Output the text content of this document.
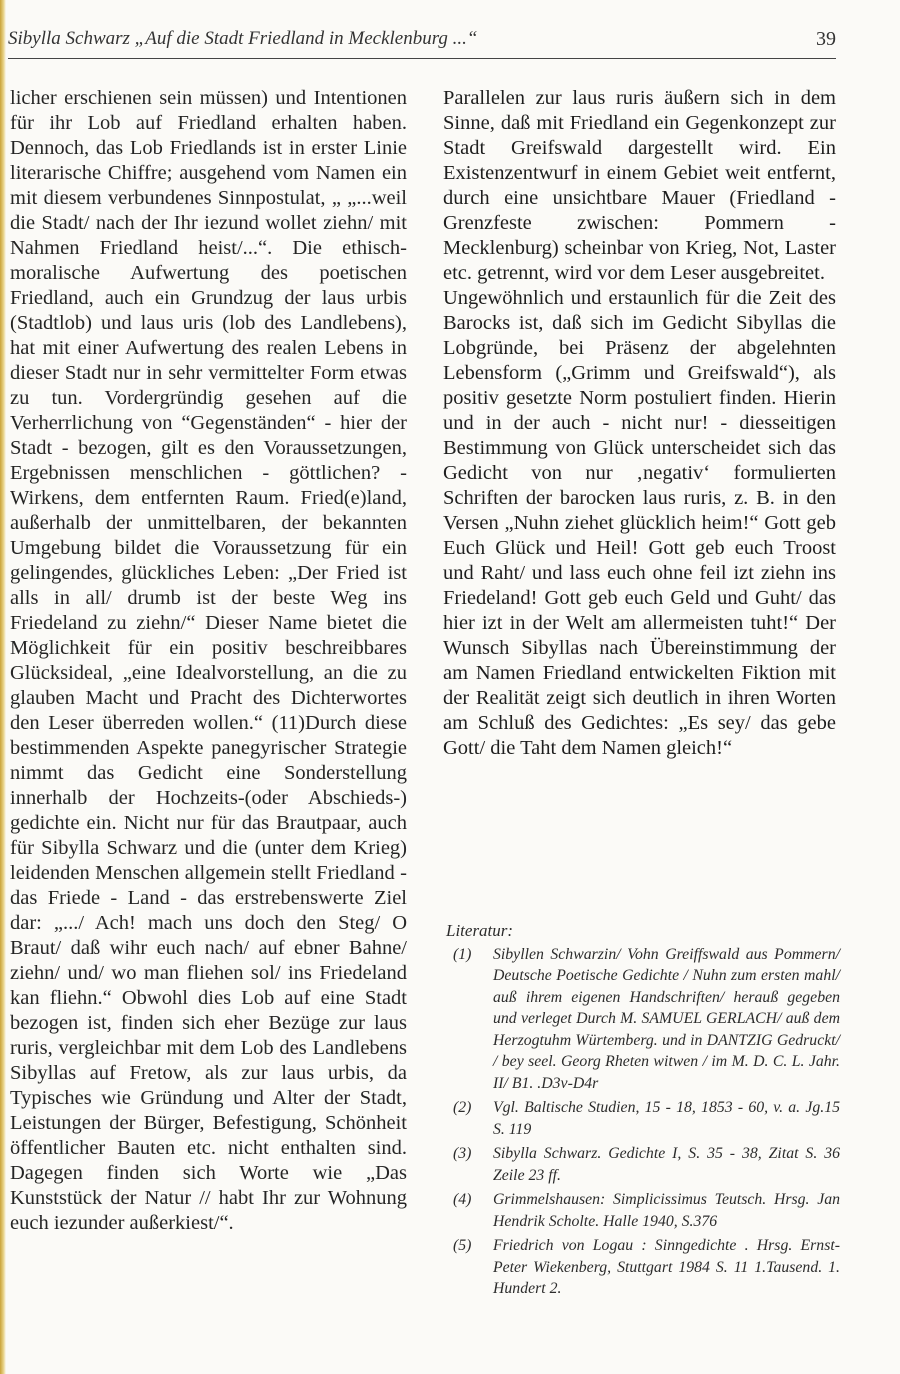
Sibylla Schwarz „Auf die Stadt Friedland in Mecklenburg ...“	39

licher erschienen sein müssen) und Intentionen für ihr Lob auf Friedland erhalten haben. Dennoch, das Lob Friedlands ist in erster Linie literarische Chiffre; ausgehend vom Namen ein mit diesem verbundenes Sinnpostulat, „ „...weil die Stadt/ nach der Ihr iezund wollet ziehn/ mit Nahmen Friedland heist/...“. Die ethisch-moralische Aufwertung des poetischen Friedland, auch ein Grundzug der laus urbis (Stadtlob) und laus uris (lob des Landlebens), hat mit einer Aufwertung des realen Lebens in dieser Stadt nur in sehr vermittelter Form etwas zu tun. Vordergründig gesehen auf die Verherrlichung von “Gegenständen“ - hier der Stadt - bezogen, gilt es den Voraussetzungen, Ergebnissen menschlichen - göttlichen? - Wirkens, dem entfernten Raum. Fried(e)land, außerhalb der unmittelbaren, der bekannten Umgebung bildet die Voraussetzung für ein gelingendes, glückliches Leben: „Der Fried ist alls in all/ drumb ist der beste Weg ins Friedeland zu ziehn/“ Dieser Name bietet die Möglichkeit für ein positiv beschreibbares Glücksideal, „eine Idealvorstellung, an die zu glauben Macht und Pracht des Dichterwortes den Leser überreden wollen.“ (11)Durch diese bestimmenden Aspekte panegyrischer Strategie nimmt das Gedicht eine Sonderstellung innerhalb der Hochzeits-(oder Abschieds-) gedichte ein. Nicht nur für das Brautpaar, auch für Sibylla Schwarz und die (unter dem Krieg) leidenden Menschen allgemein stellt Friedland - das Friede - Land - das erstrebenswerte Ziel dar: „.../ Ach! mach uns doch den Steg/ O Braut/ daß wihr euch nach/ auf ebner Bahne/ ziehn/ und/ wo man fliehen sol/ ins Friedeland kan fliehn.“ Obwohl dies Lob auf eine Stadt bezogen ist, finden sich eher Bezüge zur laus ruris, vergleichbar mit dem Lob des Landlebens Sibyllas auf Fretow, als zur laus urbis, da Typisches wie Gründung und Alter der Stadt, Leistungen der Bürger, Befestigung, Schönheit öffentlicher Bauten etc. nicht enthalten sind. Dagegen finden sich Worte wie „Das Kunststück der Natur // habt Ihr zur Wohnung euch iezunder außerkiest/“.

Parallelen zur laus ruris äußern sich in dem Sinne, daß mit Friedland ein Gegenkonzept zur Stadt Greifswald dargestellt wird. Ein Existenzentwurf in einem Gebiet weit entfernt, durch eine unsichtbare Mauer (Friedland - Grenzfeste zwischen: Pommern - Mecklenburg) scheinbar von Krieg, Not, Laster etc. getrennt, wird vor dem Leser ausgebreitet.

Ungewöhnlich und erstaunlich für die Zeit des Barocks ist, daß sich im Gedicht Sibyllas die Lobgründe, bei Präsenz der abgelehnten Lebensform („Grimm und Greifswald“), als positiv gesetzte Norm postuliert finden. Hierin und in der auch - nicht nur! - diesseitigen Bestimmung von Glück unterscheidet sich das Gedicht von nur ‚negativ‘ formulierten Schriften der barocken laus ruris, z. B. in den Versen „Nuhn ziehet glücklich heim!“ Gott geb Euch Glück und Heil! Gott geb euch Troost und Raht/ und lass euch ohne feil izt ziehn ins Friedeland! Gott geb euch Geld und Guht/ das hier izt in der Welt am allermeisten tuht!“ Der Wunsch Sibyllas nach Übereinstimmung der am Namen Friedland entwickelten Fiktion mit der Realität zeigt sich deutlich in ihren Worten am Schluß des Gedichtes: „Es sey/ das gebe Gott/ die Taht dem Namen gleich!“

Literatur:
(1)	Sibyllen Schwarzin/ Vohn Greiffswald aus Pommern/ Deutsche Poetische Gedichte / Nuhn zum ersten mahl/ auß ihrem eigenen Handschriften/ herauß gegeben und verleget Durch M. SAMUEL GERLACH/ auß dem Herzogtuhm Würtemberg. und in DANTZIG Gedruckt/ / bey seel. Georg Rheten witwen / im M. D. C. L. Jahr. II/ B1. .D3v-D4r
(2)	Vgl. Baltische Studien, 15 - 18, 1853 - 60, v. a. Jg.15 S. 119
(3)	Sibylla Schwarz. Gedichte I, S. 35 - 38, Zitat S. 36 Zeile 23 ff.
(4)	Grimmelshausen: Simplicissimus Teutsch. Hrsg. Jan Hendrik Scholte. Halle 1940, S.376
(5)	Friedrich von Logau : Sinngedichte . Hrsg. Ernst-Peter Wiekenberg, Stuttgart 1984 S. 11 1.Tausend. 1. Hundert 2.
